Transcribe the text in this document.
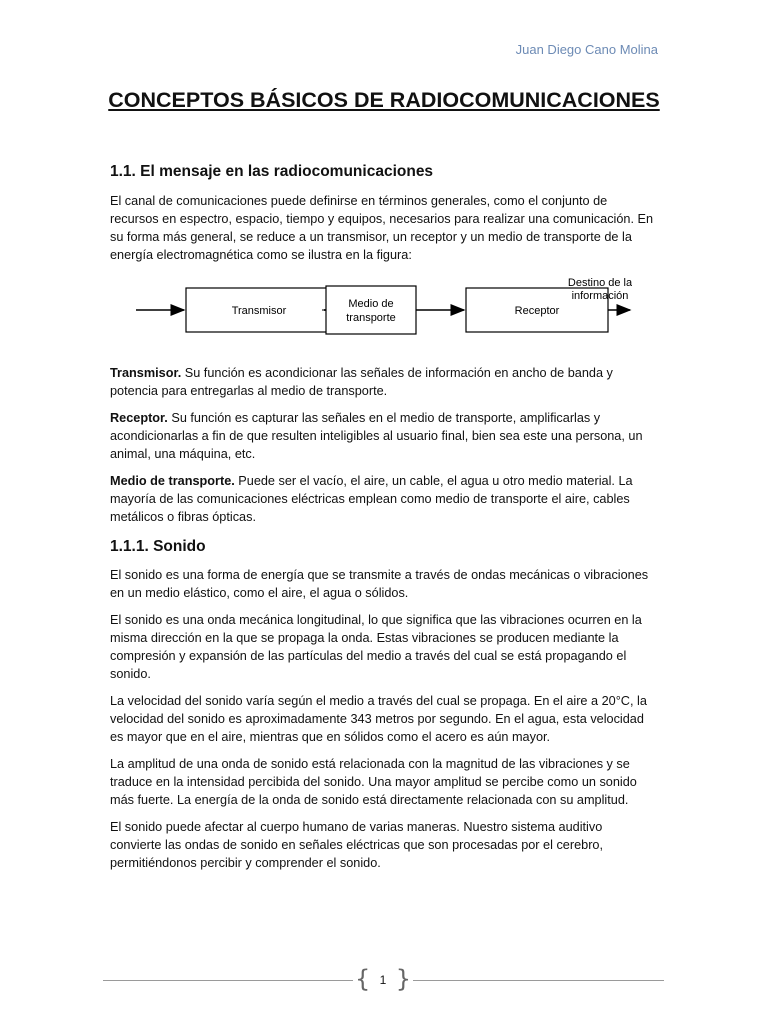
Juan Diego Cano Molina
CONCEPTOS BÁSICOS DE RADIOCOMUNICACIONES
1.1. El mensaje en las radiocomunicaciones

El canal de comunicaciones puede definirse en términos generales, como el conjunto de recursos en espectro, espacio, tiempo y equipos, necesarios para realizar una comunicación. En su forma más general, se reduce a un transmisor, un receptor y un medio de transporte de la energía electromagnética como se ilustra en la figura:

Transmisor
Medio de
transporte
Receptor
Destino de la
información

Transmisor. Su función es acondicionar las señales de información en ancho de banda y potencia para entregarlas al medio de transporte.

Receptor. Su función es capturar las señales en el medio de transporte, amplificarlas y acondicionarlas a fin de que resulten inteligibles al usuario final, bien sea este una persona, un animal, una máquina, etc.

Medio de transporte. Puede ser el vacío, el aire, un cable, el agua u otro medio material. La mayoría de las comunicaciones eléctricas emplean como medio de transporte el aire, cables metálicos o fibras ópticas.

1.1.1. Sonido

El sonido es una forma de energía que se transmite a través de ondas mecánicas o vibraciones en un medio elástico, como el aire, el agua o sólidos.

El sonido es una onda mecánica longitudinal, lo que significa que las vibraciones ocurren en la misma dirección en la que se propaga la onda. Estas vibraciones se producen mediante la compresión y expansión de las partículas del medio a través del cual se está propagando el sonido.

La velocidad del sonido varía según el medio a través del cual se propaga. En el aire a 20°C, la velocidad del sonido es aproximadamente 343 metros por segundo. En el agua, esta velocidad es mayor que en el aire, mientras que en sólidos como el acero es aún mayor.

La amplitud de una onda de sonido está relacionada con la magnitud de las vibraciones y se traduce en la intensidad percibida del sonido. Una mayor amplitud se percibe como un sonido más fuerte. La energía de la onda de sonido está directamente relacionada con su amplitud.

El sonido puede afectar al cuerpo humano de varias maneras. Nuestro sistema auditivo convierte las ondas de sonido en señales eléctricas que son procesadas por el cerebro, permitiéndonos percibir y comprender el sonido.

{ 1 }
